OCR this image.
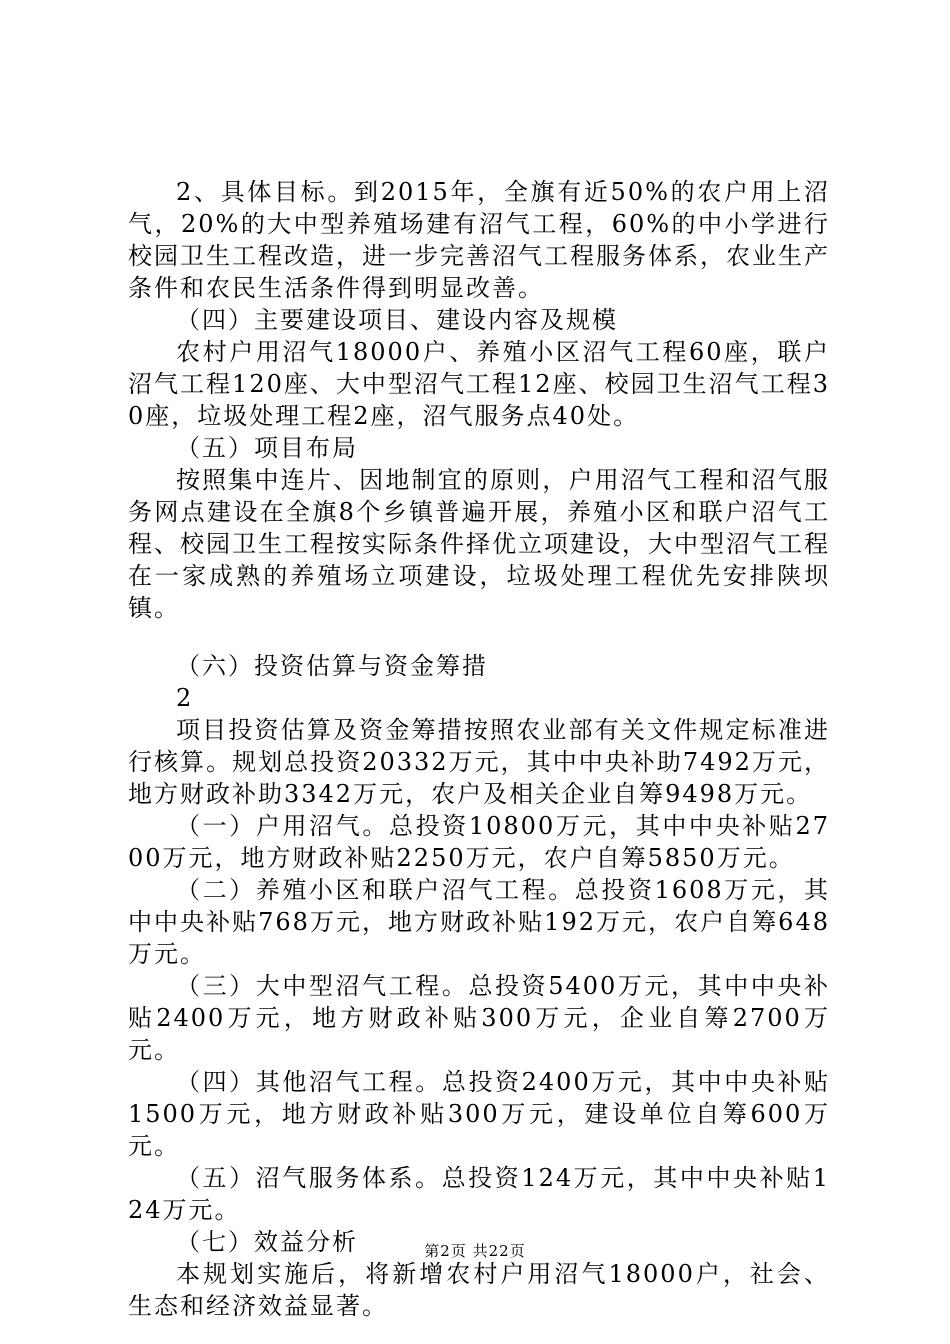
2、具体目标。到2015年，全旗有近50%的农户用上沼气，20%的大中型养殖场建有沼气工程，60%的中小学进行校园卫生工程改造，进一步完善沼气工程服务体系，农业生产条件和农民生活条件得到明显改善。

（四）主要建设项目、建设内容及规模

农村户用沼气18000户、养殖小区沼气工程60座，联户沼气工程120座、大中型沼气工程12座、校园卫生沼气工程30座，垃圾处理工程2座，沼气服务点40处。

（五）项目布局

按照集中连片、因地制宜的原则，户用沼气工程和沼气服务网点建设在全旗8个乡镇普遍开展，养殖小区和联户沼气工程、校园卫生工程按实际条件择优立项建设，大中型沼气工程在一家成熟的养殖场立项建设，垃圾处理工程优先安排陕坝镇。

（六）投资估算与资金筹措

2

项目投资估算及资金筹措按照农业部有关文件规定标准进行核算。规划总投资20332万元，其中中央补助7492万元，地方财政补助3342万元，农户及相关企业自筹9498万元。

（一）户用沼气。总投资10800万元，其中中央补贴2700万元，地方财政补贴2250万元，农户自筹5850万元。

（二）养殖小区和联户沼气工程。总投资1608万元，其中中央补贴768万元，地方财政补贴192万元，农户自筹648万元。

（三）大中型沼气工程。总投资5400万元，其中中央补贴2400万元，地方财政补贴300万元，企业自筹2700万元。

（四）其他沼气工程。总投资2400万元，其中中央补贴1500万元，地方财政补贴300万元，建设单位自筹600万元。

（五）沼气服务体系。总投资124万元，其中中央补贴124万元。

（七）效益分析

本规划实施后，将新增农村户用沼气18000户，社会、生态和经济效益显著。

第2页 共22页
